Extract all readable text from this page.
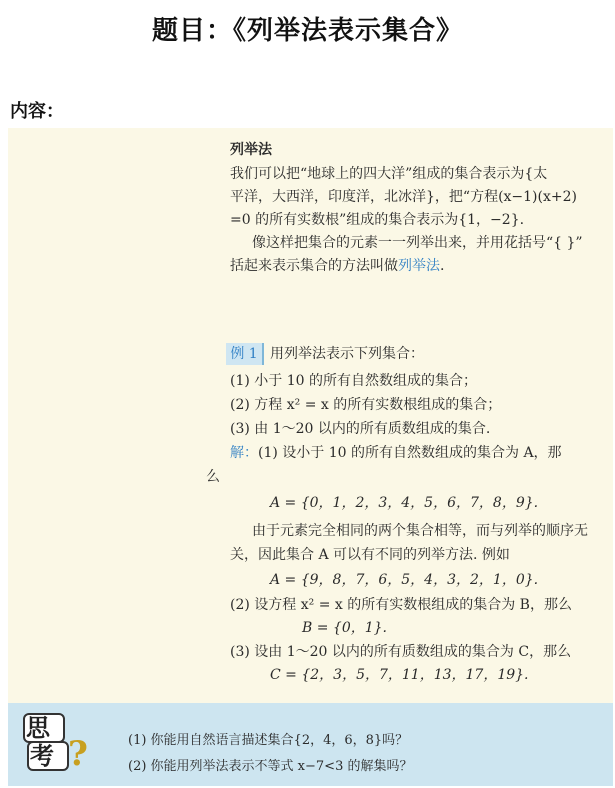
题目：《列举法表示集合》
内容：
列举法
我们可以把“地球上的四大洋”组成的集合表示为{太
平洋，大西洋，印度洋，北冰洋}，把“方程(x−1)(x+2)
=0 的所有实数根”组成的集合表示为{1，−2}.
像这样把集合的元素一一列举出来，并用花括号“{ }”
括起来表示集合的方法叫做列举法.
例 1 用列举法表示下列集合：
(1) 小于 10 的所有自然数组成的集合；
(2) 方程 x² = x 的所有实数根组成的集合；
(3) 由 1～20 以内的所有质数组成的集合.
解：(1) 设小于 10 的所有自然数组成的集合为 A，那
么
A = {0，1，2，3，4，5，6，7，8，9}.
由于元素完全相同的两个集合相等，而与列举的顺序无
关，因此集合 A 可以有不同的列举方法. 例如
A = {9，8，7，6，5，4，3，2，1，0}.
(2) 设方程 x² = x 的所有实数根组成的集合为 B，那么
B = {0，1}.
(3) 设由 1～20 以内的所有质数组成的集合为 C，那么
C = {2，3，5，7，11，13，17，19}.
思
考 ?	(1) 你能用自然语言描述集合{2，4，6，8}吗？
(2) 你能用列举法表示不等式 x−7<3 的解集吗？
